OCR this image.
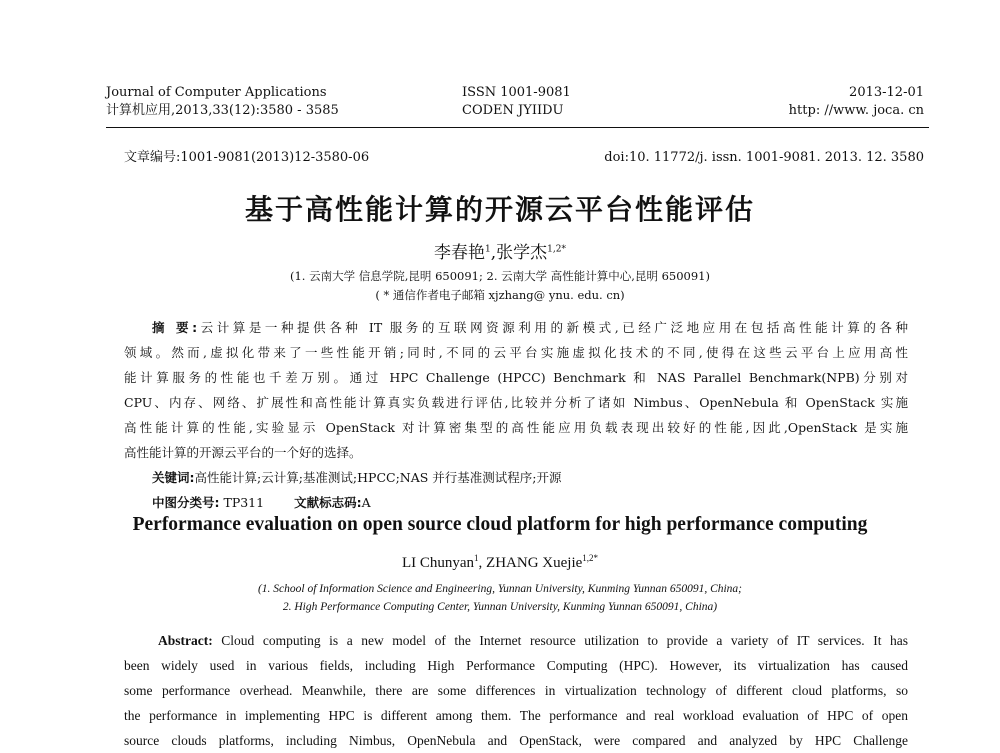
Journal of Computer Applications
计算机应用,2013,33(12):3580 - 3585
ISSN 1001-9081
CODEN JYIIDU
2013-12-01
http: //www. joca. cn
文章编号:1001-9081(2013)12-3580-06	doi:10. 11772/j. issn. 1001-9081. 2013. 12. 3580
基于高性能计算的开源云平台性能评估
李春艳$^1$,张学杰$^{1,2*}$
(1. 云南大学 信息学院,昆明 650091; 2. 云南大学 高性能计算中心,昆明 650091)
( * 通信作者电子邮箱 xjzhang@ ynu. edu. cn)

摘 要:云计算是一种提供各种 IT 服务的互联网资源利用的新模式,已经广泛地应用在包括高性能计算的各种

领域。然而,虚拟化带来了一些性能开销;同时,不同的云平台实施虚拟化技术的不同,使得在这些云平台上应用高性

能计算服务的性能也千差万别。通过 HPC Challenge (HPCC) Benchmark 和 NAS Parallel Benchmark(NPB)分别对

CPU、内存、网络、扩展性和高性能计算真实负载进行评估,比较并分析了诸如 Nimbus、OpenNebula 和 OpenStack 实施

高性能计算的性能,实验显示 OpenStack 对计算密集型的高性能应用负载表现出较好的性能,因此,OpenStack 是实施

高性能计算的开源云平台的一个好的选择。

关键词:高性能计算;云计算;基准测试;HPCC;NAS 并行基准测试程序;开源

中图分类号: TP311 文献标志码:A

Performance evaluation on open source cloud platform for high performance computing
LI Chunyan$^1$, ZHANG Xuejie$^{1,2*}$
(1. School of Information Science and Engineering, Yunnan University, Kunming Yunnan 650091, China;
2. High Performance Computing Center, Yunnan University, Kunming Yunnan 650091, China)

Abstract: Cloud computing is a new model of the Internet resource utilization to provide a variety of IT services. It has

been widely used in various fields, including High Performance Computing (HPC). However, its virtualization has caused

some performance overhead. Meanwhile, there are some differences in virtualization technology of different cloud platforms, so

the performance in implementing HPC is different among them. The performance and real workload evaluation of HPC of open

source clouds platforms, including Nimbus, OpenNebula and OpenStack, were compared and analyzed by HPC Challenge
